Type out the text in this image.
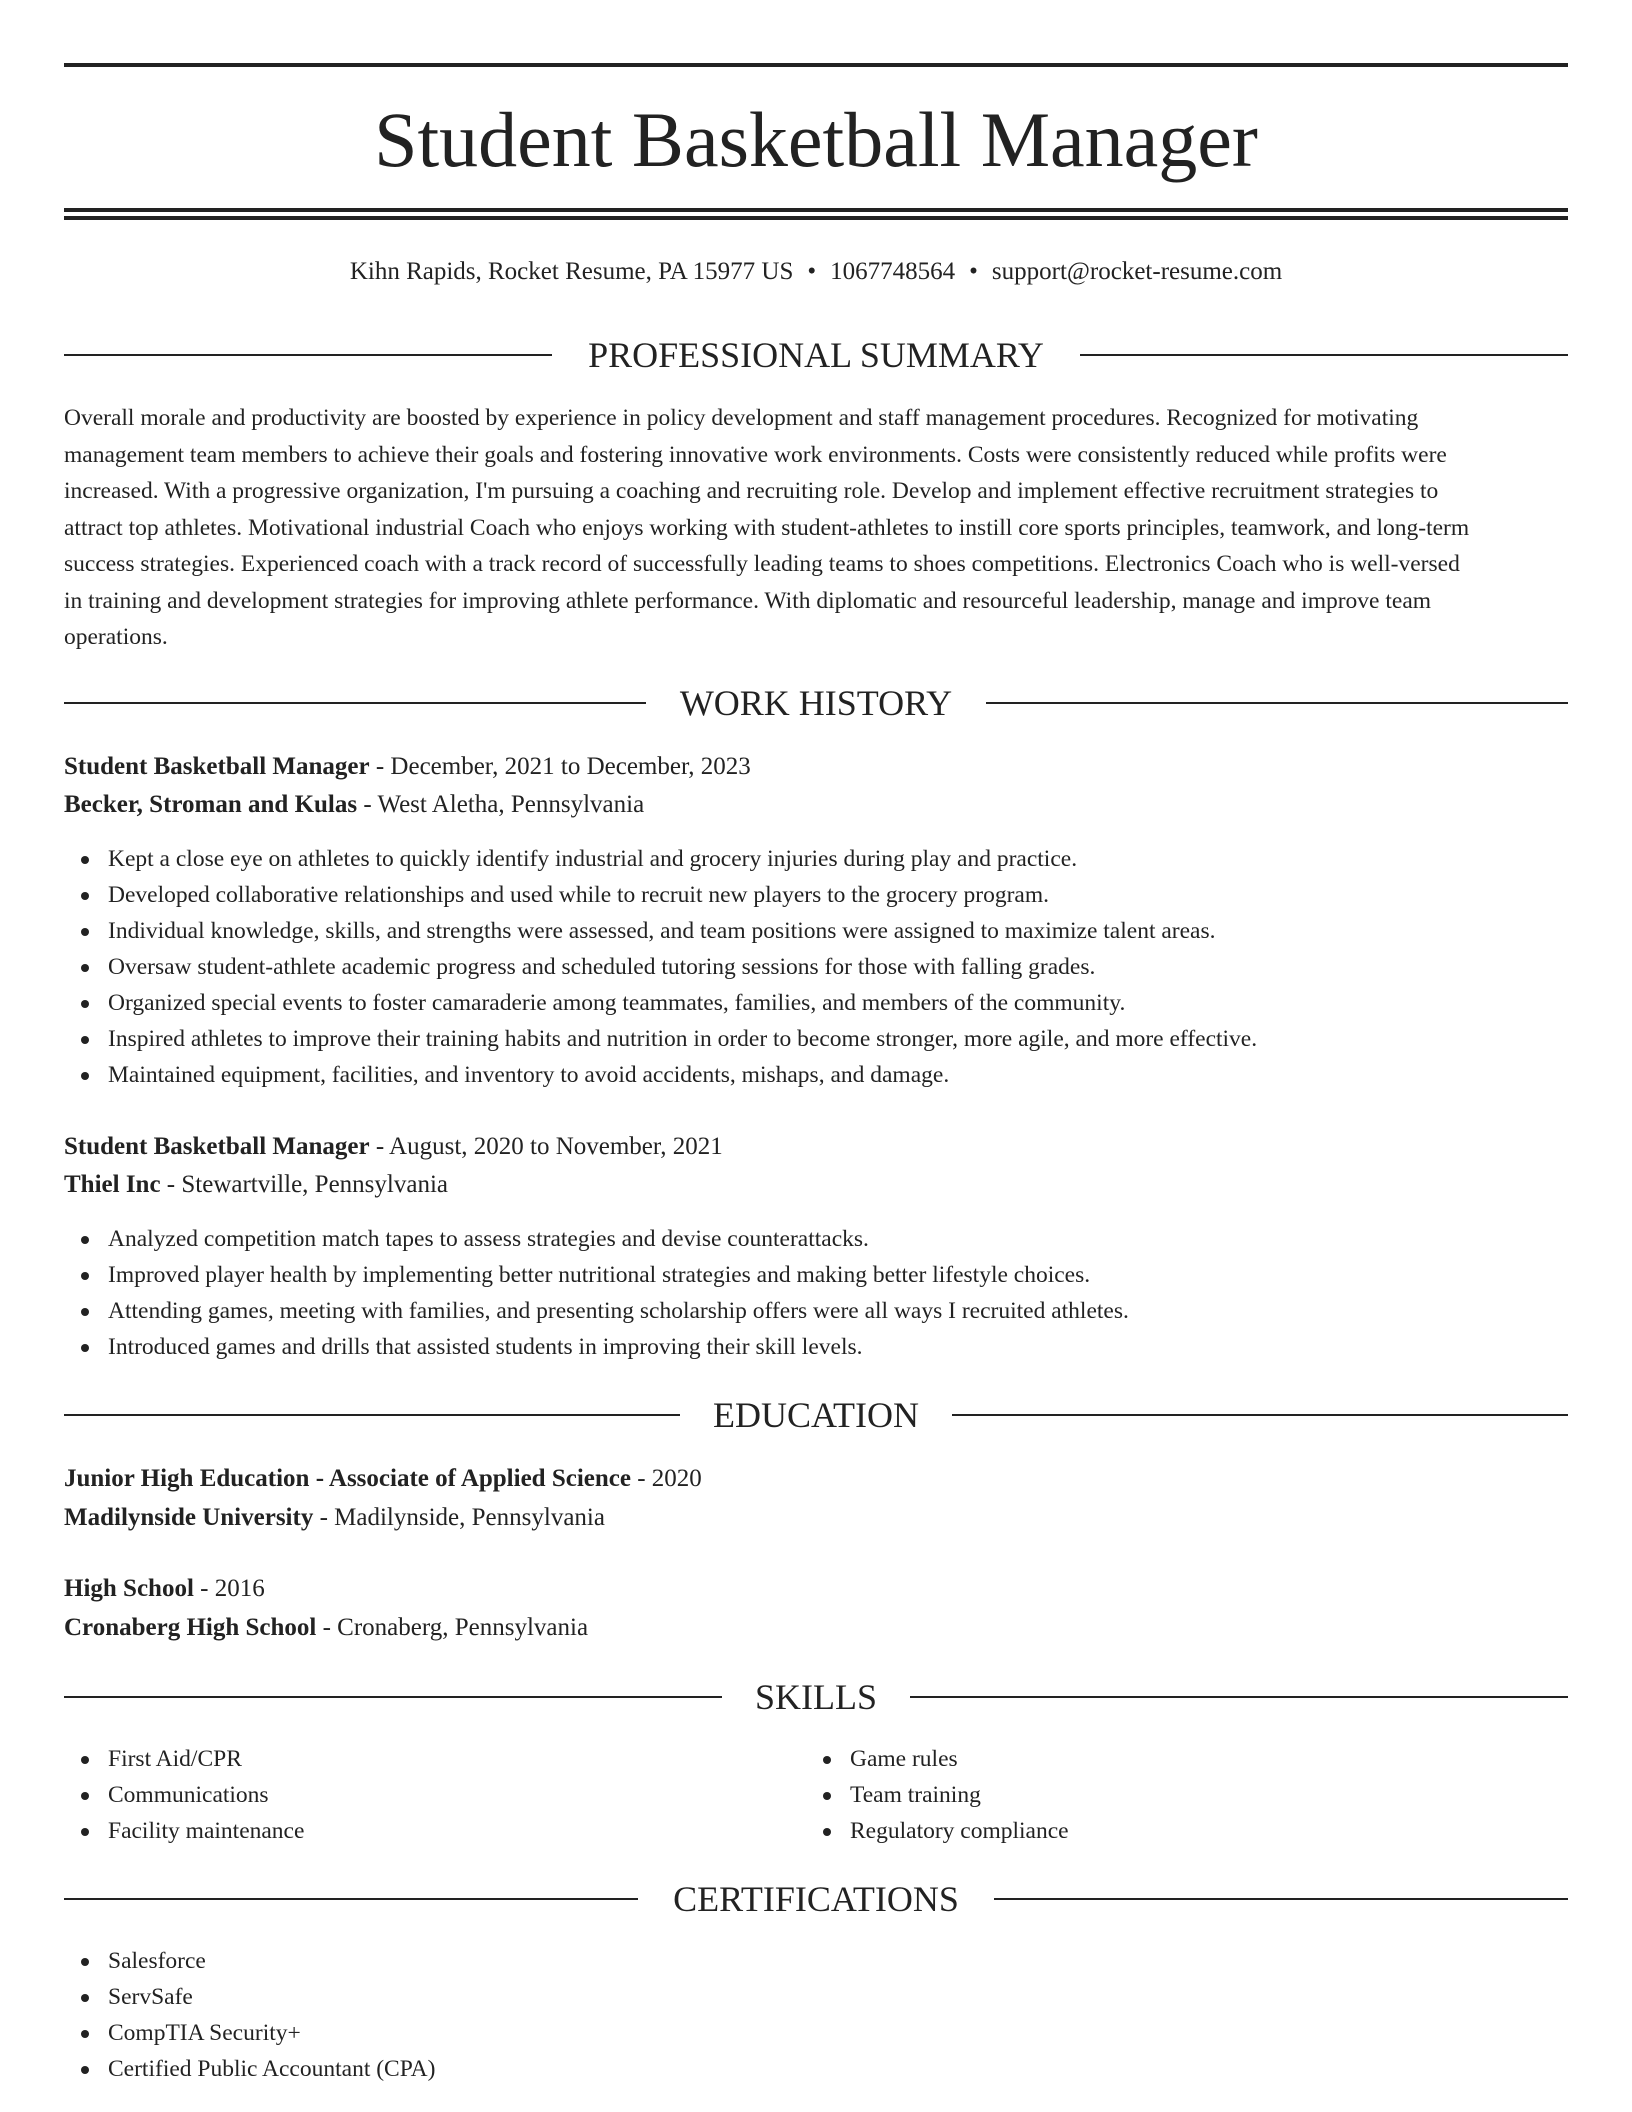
Student Basketball Manager
Kihn Rapids, Rocket Resume, PA 15977 US • 1067748564 • support@rocket-resume.com
PROFESSIONAL SUMMARY
Overall morale and productivity are boosted by experience in policy development and staff management procedures. Recognized for motivating
management team members to achieve their goals and fostering innovative work environments. Costs were consistently reduced while profits were
increased. With a progressive organization, I'm pursuing a coaching and recruiting role. Develop and implement effective recruitment strategies to
attract top athletes. Motivational industrial Coach who enjoys working with student-athletes to instill core sports principles, teamwork, and long-term
success strategies. Experienced coach with a track record of successfully leading teams to shoes competitions. Electronics Coach who is well-versed
in training and development strategies for improving athlete performance. With diplomatic and resourceful leadership, manage and improve team
operations.
WORK HISTORY
Student Basketball Manager - December, 2021 to December, 2023
Becker, Stroman and Kulas - West Aletha, Pennsylvania
Kept a close eye on athletes to quickly identify industrial and grocery injuries during play and practice.
Developed collaborative relationships and used while to recruit new players to the grocery program.
Individual knowledge, skills, and strengths were assessed, and team positions were assigned to maximize talent areas.
Oversaw student-athlete academic progress and scheduled tutoring sessions for those with falling grades.
Organized special events to foster camaraderie among teammates, families, and members of the community.
Inspired athletes to improve their training habits and nutrition in order to become stronger, more agile, and more effective.
Maintained equipment, facilities, and inventory to avoid accidents, mishaps, and damage.
Student Basketball Manager - August, 2020 to November, 2021
Thiel Inc - Stewartville, Pennsylvania
Analyzed competition match tapes to assess strategies and devise counterattacks.
Improved player health by implementing better nutritional strategies and making better lifestyle choices.
Attending games, meeting with families, and presenting scholarship offers were all ways I recruited athletes.
Introduced games and drills that assisted students in improving their skill levels.
EDUCATION
Junior High Education - Associate of Applied Science - 2020
Madilynside University - Madilynside, Pennsylvania
High School - 2016
Cronaberg High School - Cronaberg, Pennsylvania
SKILLS
First Aid/CPR
Communications
Facility maintenance
Game rules
Team training
Regulatory compliance
CERTIFICATIONS
Salesforce
ServSafe
CompTIA Security+
Certified Public Accountant (CPA)
